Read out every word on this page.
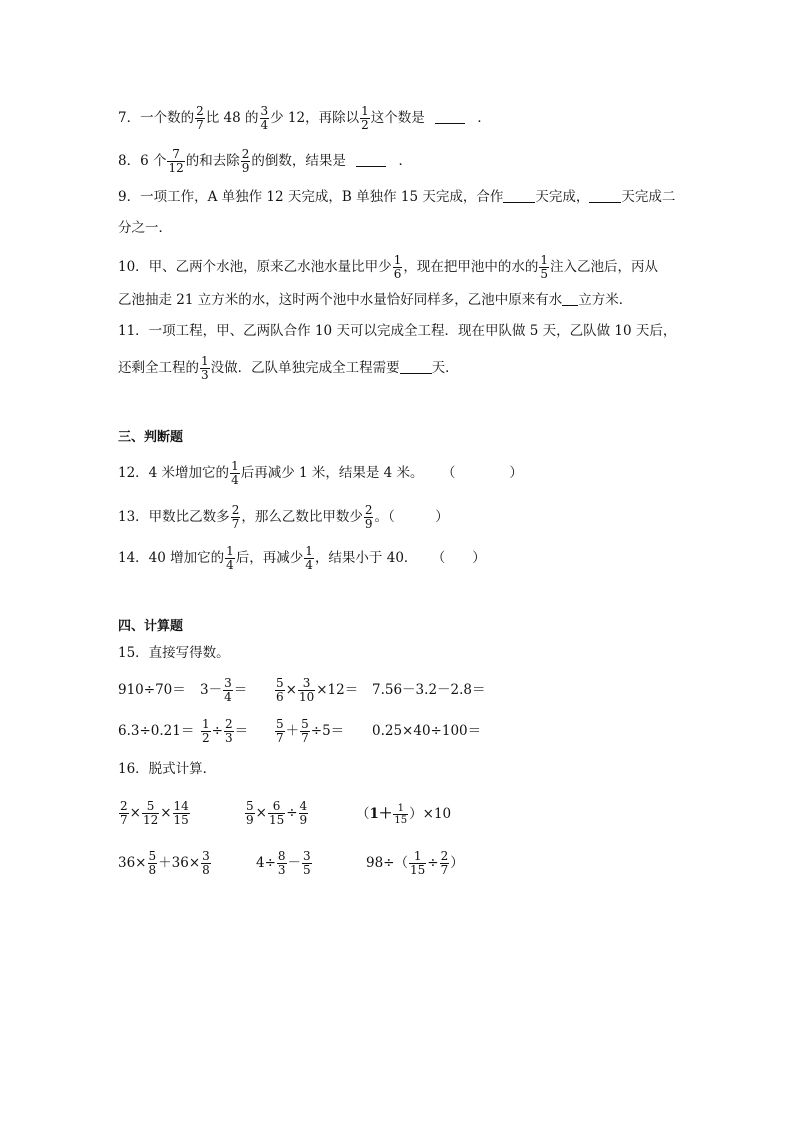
7．一个数的 $\frac{2}{7}$ 比 48 的 $\frac{3}{4}$ 少 12，再除以 $\frac{1}{2}$ 这个数是	．
8．6 个 $\frac{7}{12}$ 的和去除 $\frac{2}{9}$ 的倒数，结果是	．
9．一项工作，A 单独作 12 天完成，B 单独作 15 天完成，合作 天完成， 天完成二
分之一．
10．甲、乙两个水池，原来乙水池水量比甲少 $\frac{1}{6}$ ，现在把甲池中的水的 $\frac{1}{5}$ 注入乙池后，丙从
乙池抽走 21 立方米的水，这时两个池中水量恰好同样多，乙池中原来有水 立方米．
11．一项工程，甲、乙两队合作 10 天可以完成全工程．现在甲队做 5 天，乙队做 10 天后，
还剩全工程的 $\frac{1}{3}$ 没做．乙队单独完成全工程需要 天．
三、判断题
12．4 米增加它的 $\frac{1}{4}$ 后再减少 1 米，结果是 4 米。 （　　　　）
13．甲数比乙数多 $\frac{2}{7}$ ，那么乙数比甲数少 $\frac{2}{9}$ 。（　　　）
14．40 增加它的 $\frac{1}{4}$ 后，再减少 $\frac{1}{4}$ ，结果小于 40． （　　）
四、计算题
15．直接写得数。
$910\div 70= 3- \frac{3}{4} = \frac{5}{6} \times \frac{3}{10} \times 12= 7.56-3.2-2.8=$
$6.3\div 0.21= \frac{1}{2} \div \frac{2}{3} = \frac{5}{7} + \frac{5}{7} \div 5= 0.25\times 40\div 100=$
16．脱式计算．
$\frac{2}{7} \times \frac{5}{12} \times \frac{14}{15}$	$\frac{5}{9} \times \frac{6}{15} \div \frac{4}{9}$	$(1+ \frac{1}{15} )\times 10$
$36\times \frac{5}{8} +36\times \frac{3}{8}$	$4\div \frac{8}{3} - \frac{3}{5}$	$98\div( \frac{1}{15} \div \frac{2}{7}$ ）
